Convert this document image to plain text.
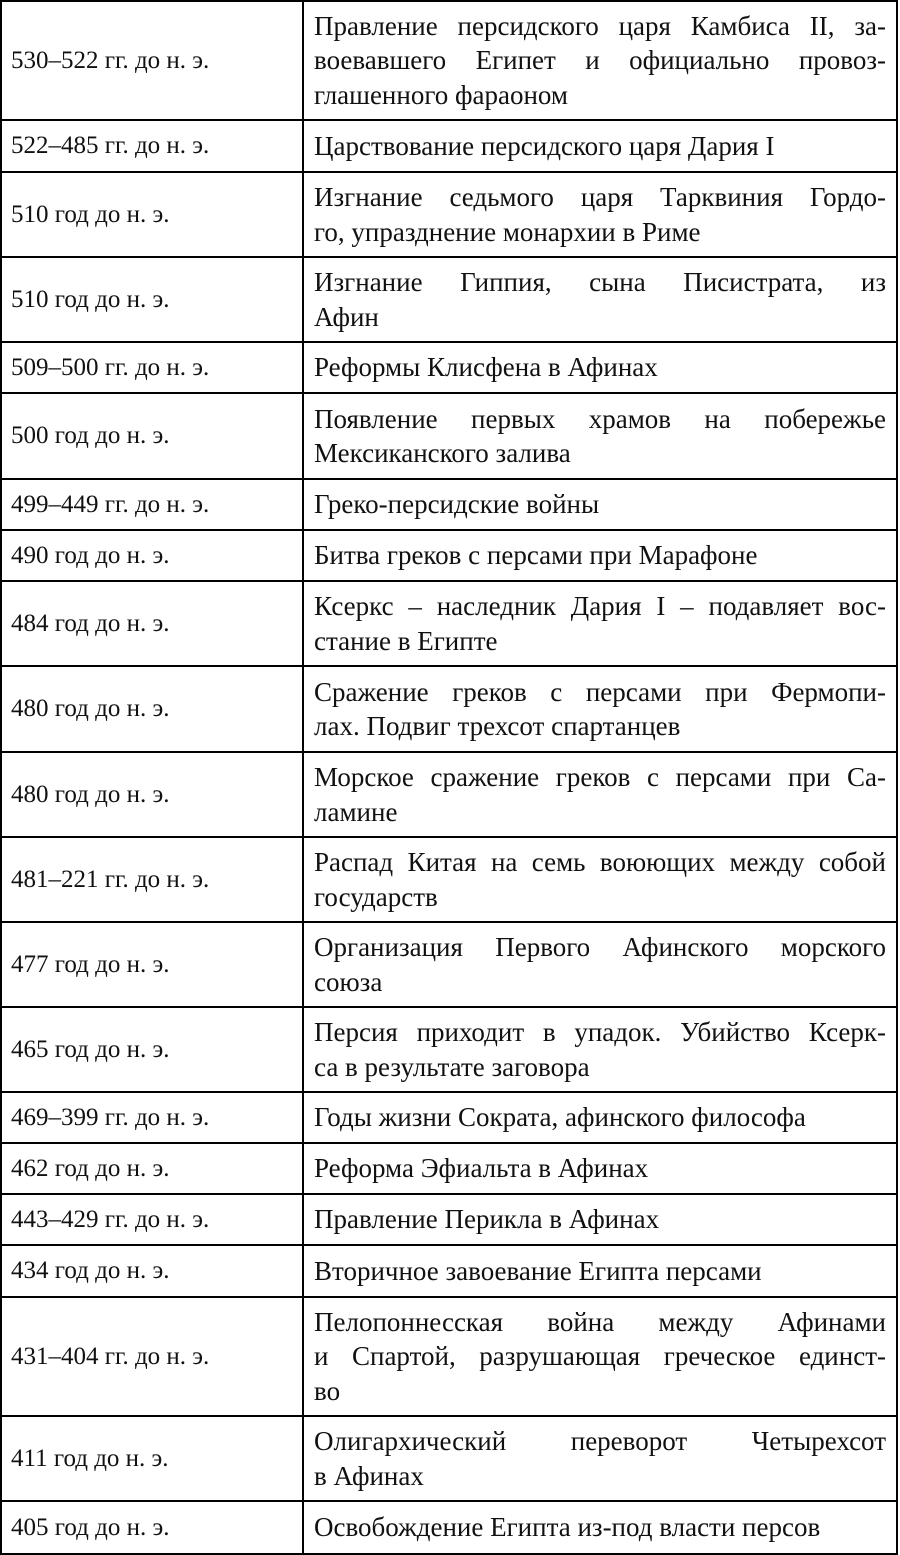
530–522 гг. до н. э.	Правление персидского царя Камбиса II, за-
воевавшего Египет и официально провоз-
глашенного фараоном

522–485 гг. до н. э.	Царствование персидского царя Дария I

510 год до н. э.	Изгнание седьмого царя Тарквиния Гордо-
го, упразднение монархии в Риме

510 год до н. э.	Изгнание Гиппия, сына Писистрата, из
Афин

509–500 гг. до н. э.	Реформы Клисфена в Афинах

500 год до н. э.	Появление первых храмов на побережье
Мексиканского залива

499–449 гг. до н. э.	Греко-персидские войны

490 год до н. э.	Битва греков с персами при Марафоне

484 год до н. э.	Ксеркс – наследник Дария I – подавляет вос-
стание в Египте

480 год до н. э.	Сражение греков с персами при Фермопи-
лах. Подвиг трехсот спартанцев

480 год до н. э.	Морское сражение греков с персами при Са-
ламине

481–221 гг. до н. э.	Распад Китая на семь воюющих между собой
государств

477 год до н. э.	Организация Первого Афинского морского
союза

465 год до н. э.	Персия приходит в упадок. Убийство Ксерк-
са в результате заговора

469–399 гг. до н. э.	Годы жизни Сократа, афинского философа

462 год до н. э.	Реформа Эфиальта в Афинах

443–429 гг. до н. э.	Правление Перикла в Афинах

434 год до н. э.	Вторичное завоевание Египта персами

431–404 гг. до н. э.	Пелопоннесская война между Афинами
и Спартой, разрушающая греческое единст-
во

411 год до н. э.	Олигархический переворот Четырехсот
в Афинах

405 год до н. э.	Освобождение Египта из-под власти персов
